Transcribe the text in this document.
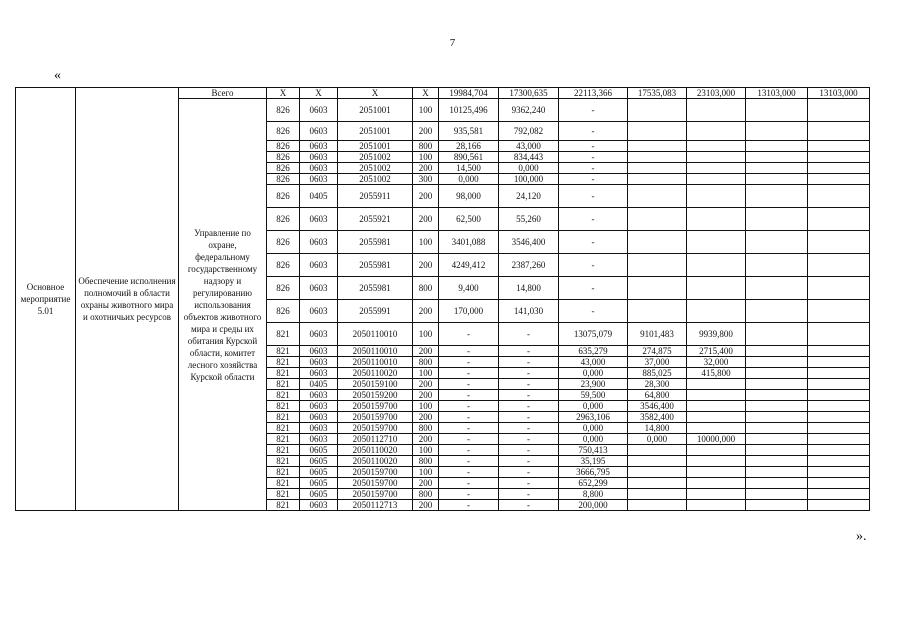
7
«
».
Основное мероприятие 5.01	Обеспечение исполнения полномочий в области охраны животного мира и охотничьих ресурсов	Всего	X	X	X	X	19984,704	17300,635	22113,366	17535,083	23103,000	13103,000	13103,000
		Управление по охране, федеральному государственному надзору и регулированию использования объектов животного мира и среды их обитания Курской области, комитет лесного хозяйства Курской области	826	0603	2051001	100	10125,496	9362,240	-				
			826	0603	2051001	200	935,581	792,082	-				
			826	0603	2051001	800	28,166	43,000	-				
			826	0603	2051002	100	890,561	834,443	-				
			826	0603	2051002	200	14,500	0,000	-				
			826	0603	2051002	300	0,000	100,000	-				
			826	0405	2055911	200	98,000	24,120	-				
			826	0603	2055921	200	62,500	55,260	-				
			826	0603	2055981	100	3401,088	3546,400	-				
			826	0603	2055981	200	4249,412	2387,260	-				
			826	0603	2055981	800	9,400	14,800	-				
			826	0603	2055991	200	170,000	141,030	-				
			821	0603	2050110010	100	-	-	13075,079	9101,483	9939,800		
			821	0603	2050110010	200	-	-	635,279	274,875	2715,400		
			821	0603	2050110010	800	-	-	43,000	37,000	32,000		
			821	0603	2050110020	100	-	-	0,000	885,025	415,800		
			821	0405	2050159100	200	-	-	23,900	28,300			
			821	0603	2050159200	200	-	-	59,500	64,800			
			821	0603	2050159700	100	-	-	0,000	3546,400			
			821	0603	2050159700	200	-	-	2963,106	3582,400			
			821	0603	2050159700	800	-	-	0,000	14,800			
			821	0603	2050112710	200	-	-	0,000	0,000	10000,000		
			821	0605	2050110020	100	-	-	750,413				
			821	0605	2050110020	800	-	-	35,195				
			821	0605	2050159700	100	-	-	3666,795				
			821	0605	2050159700	200	-	-	652,299				
			821	0605	2050159700	800	-	-	8,800				
			821	0603	2050112713	200	-	-	200,000				
